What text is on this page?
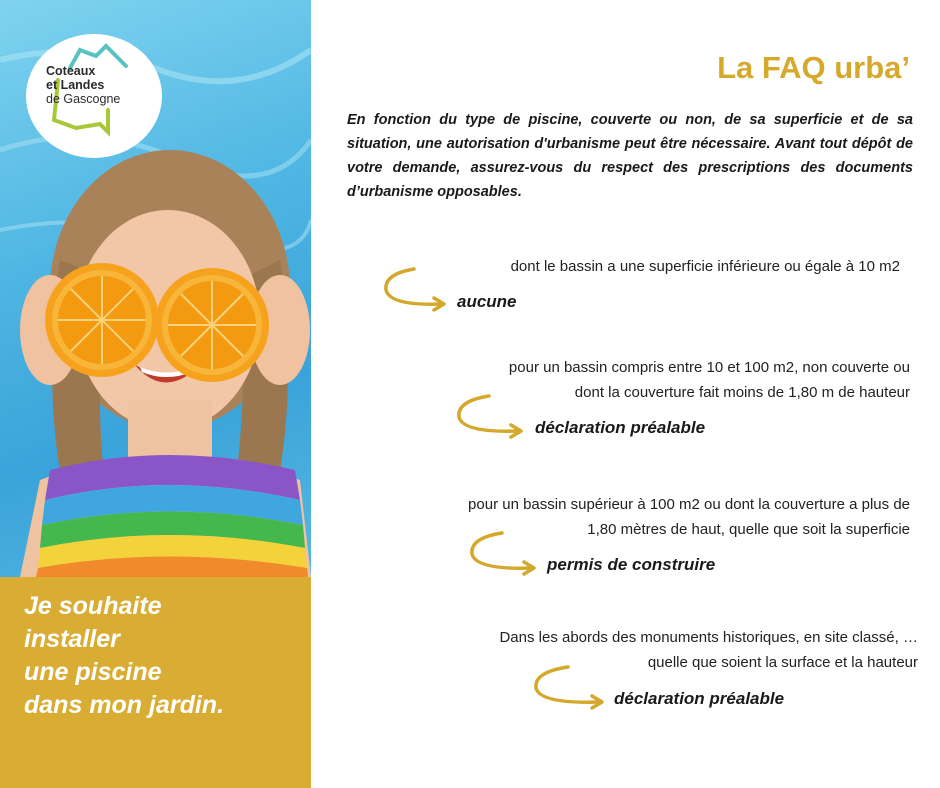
Coteaux
et Landes
de Gascogne
Je souhaite
installer
une piscine
dans mon jardin.
La FAQ urba’
En fonction du type de piscine, couverte ou non, de sa superficie et de sa situation, une autorisation d'urbanisme peut être nécessaire. Avant tout dépôt de votre demande, assurez-vous du respect des prescriptions des documents d’urbanisme opposables.
dont le bassin a une superficie inférieure ou égale à 10 m2
aucune
pour un bassin compris entre 10 et 100 m2, non couverte ou
dont la couverture fait moins de 1,80 m de hauteur
déclaration préalable
pour un bassin supérieur à 100 m2 ou dont la couverture a plus de
1,80 mètres de haut, quelle que soit la superficie
permis de construire
Dans les abords des monuments historiques, en site classé, …
quelle que soient la surface et la hauteur
déclaration préalable
